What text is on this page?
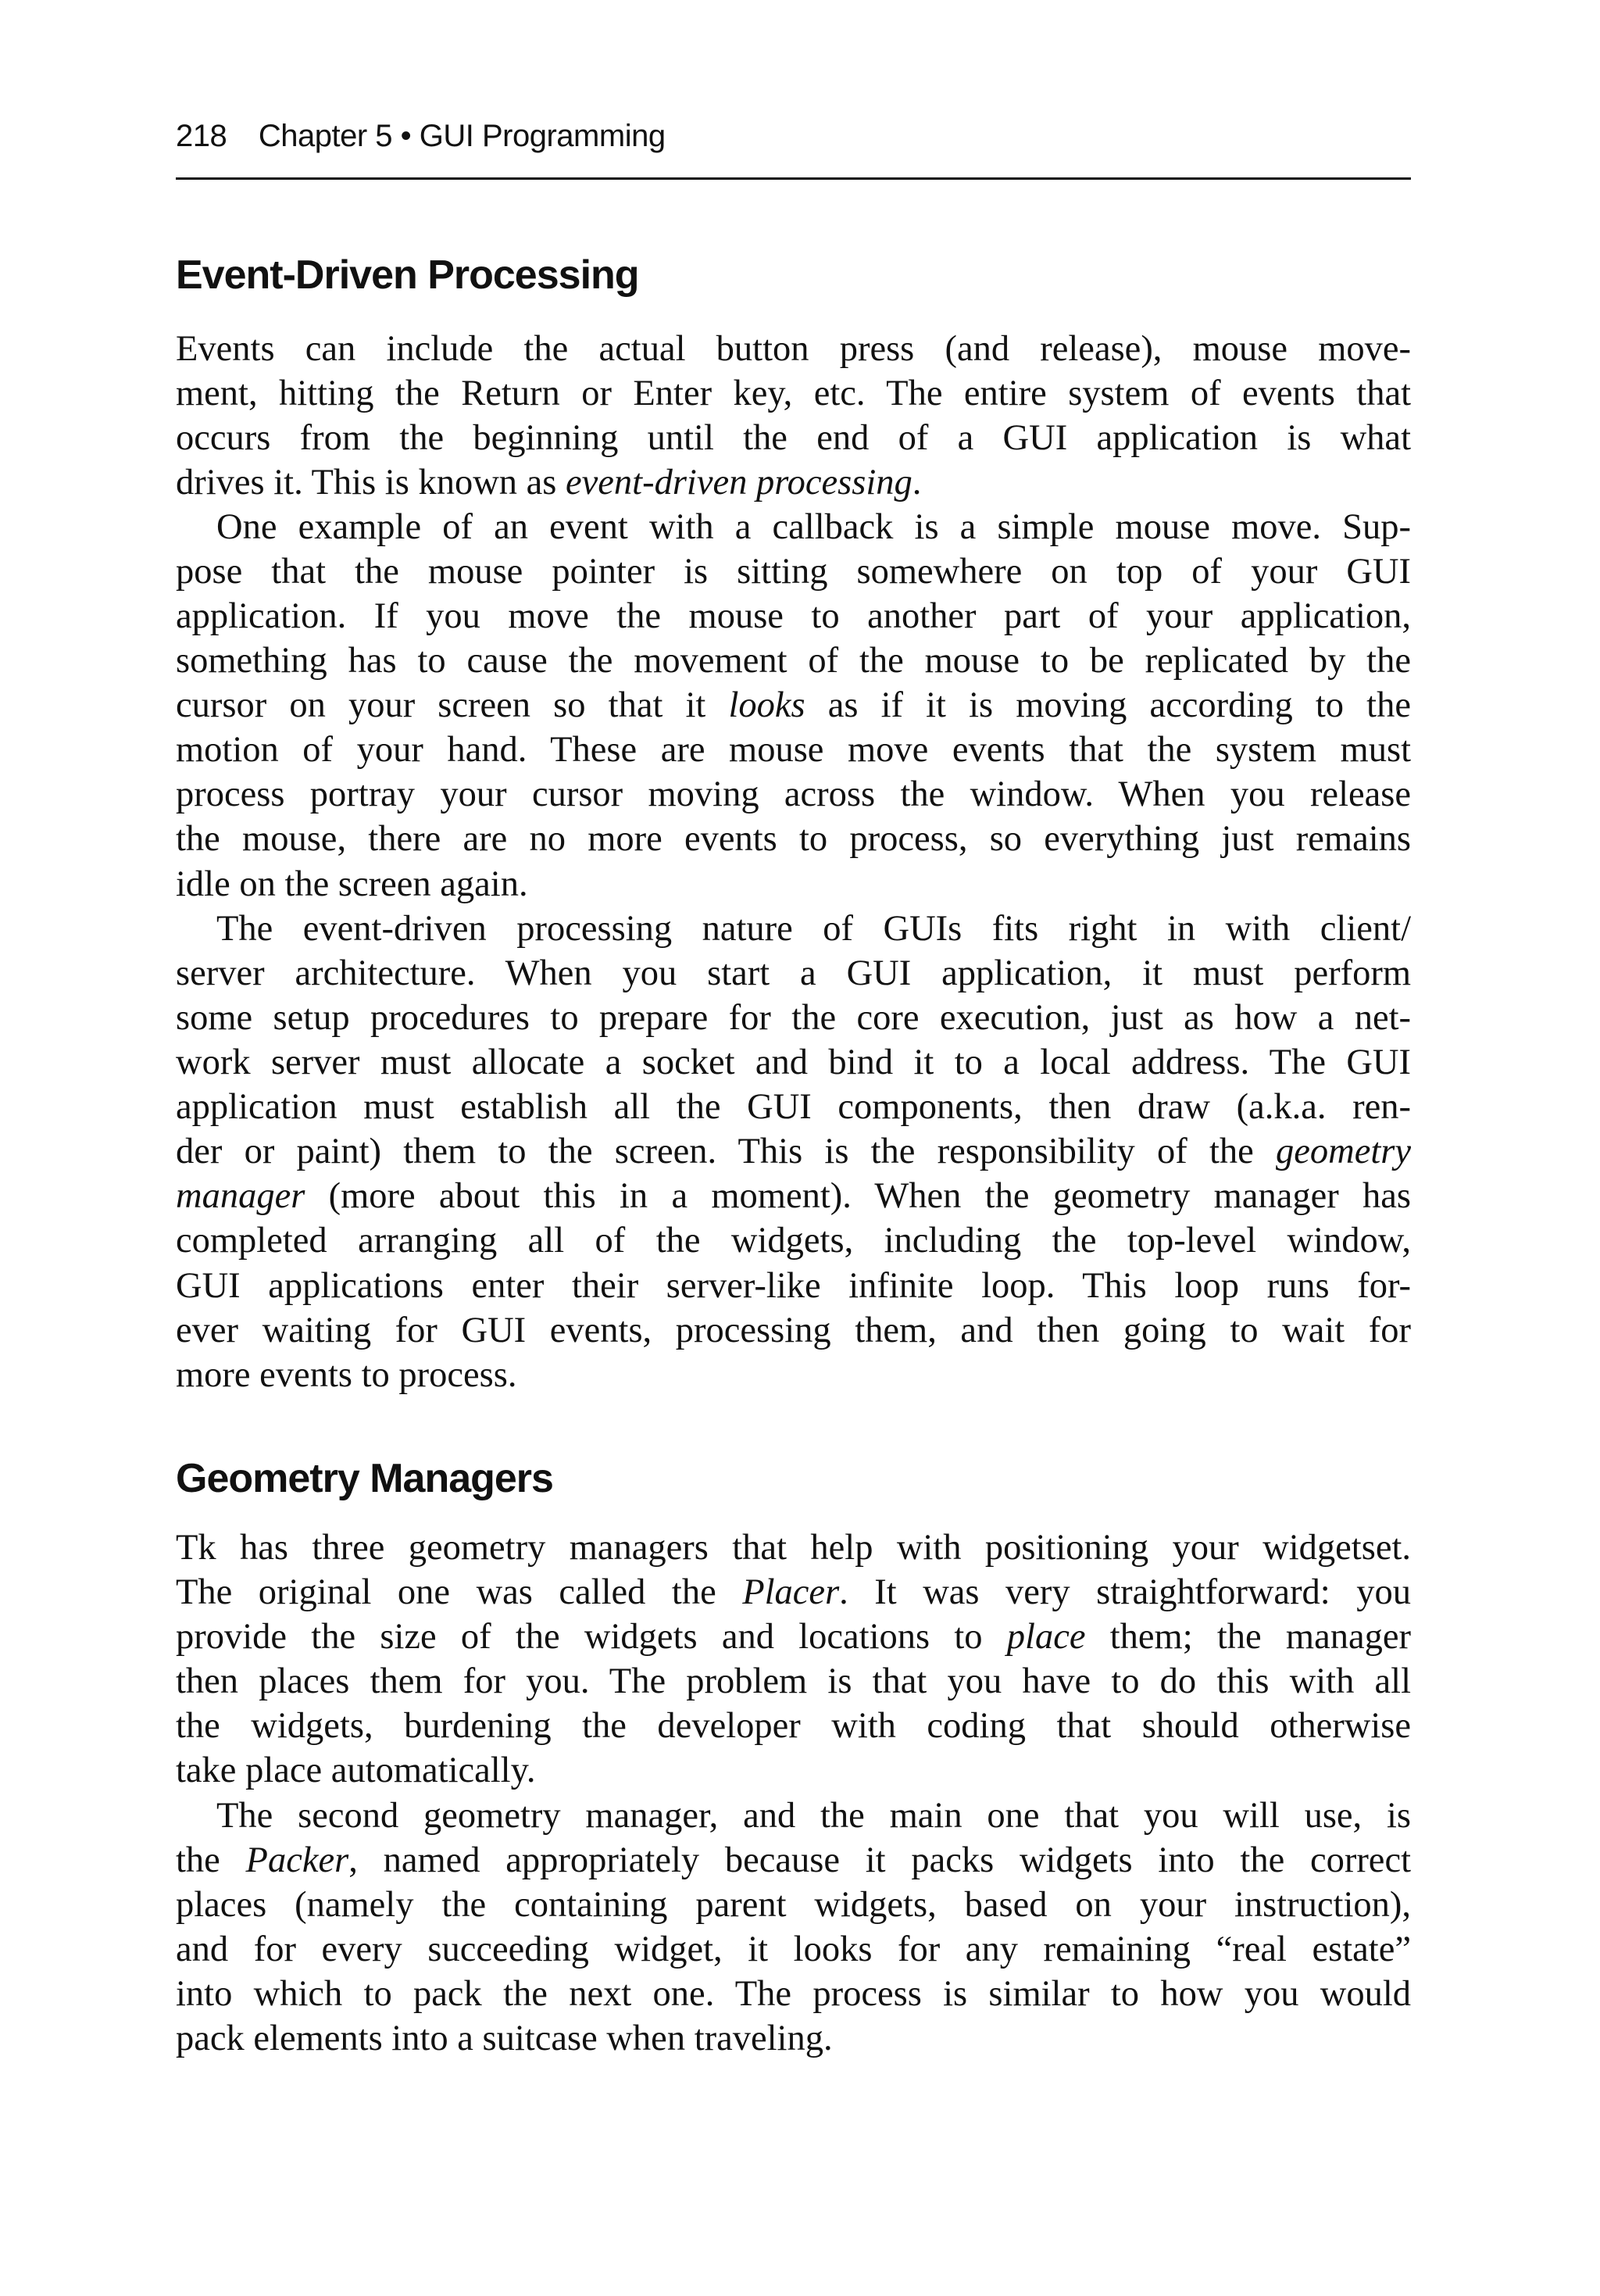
218 Chapter 5 • GUI Programming
Event-Driven Processing
Events can include the actual button press (and release), mouse move-
ment, hitting the Return or Enter key, etc. The entire system of events that
occurs from the beginning until the end of a GUI application is what
drives it. This is known as event-driven processing.
One example of an event with a callback is a simple mouse move. Sup-
pose that the mouse pointer is sitting somewhere on top of your GUI
application. If you move the mouse to another part of your application,
something has to cause the movement of the mouse to be replicated by the
cursor on your screen so that it looks as if it is moving according to the
motion of your hand. These are mouse move events that the system must
process portray your cursor moving across the window. When you release
the mouse, there are no more events to process, so everything just remains
idle on the screen again.
The event-driven processing nature of GUIs fits right in with client/
server architecture. When you start a GUI application, it must perform
some setup procedures to prepare for the core execution, just as how a net-
work server must allocate a socket and bind it to a local address. The GUI
application must establish all the GUI components, then draw (a.k.a. ren-
der or paint) them to the screen. This is the responsibility of the geometry
manager (more about this in a moment). When the geometry manager has
completed arranging all of the widgets, including the top-level window,
GUI applications enter their server-like infinite loop. This loop runs for-
ever waiting for GUI events, processing them, and then going to wait for
more events to process.
Geometry Managers
Tk has three geometry managers that help with positioning your widgetset.
The original one was called the Placer. It was very straightforward: you
provide the size of the widgets and locations to place them; the manager
then places them for you. The problem is that you have to do this with all
the widgets, burdening the developer with coding that should otherwise
take place automatically.
The second geometry manager, and the main one that you will use, is
the Packer, named appropriately because it packs widgets into the correct
places (namely the containing parent widgets, based on your instruction),
and for every succeeding widget, it looks for any remaining “real estate”
into which to pack the next one. The process is similar to how you would
pack elements into a suitcase when traveling.
